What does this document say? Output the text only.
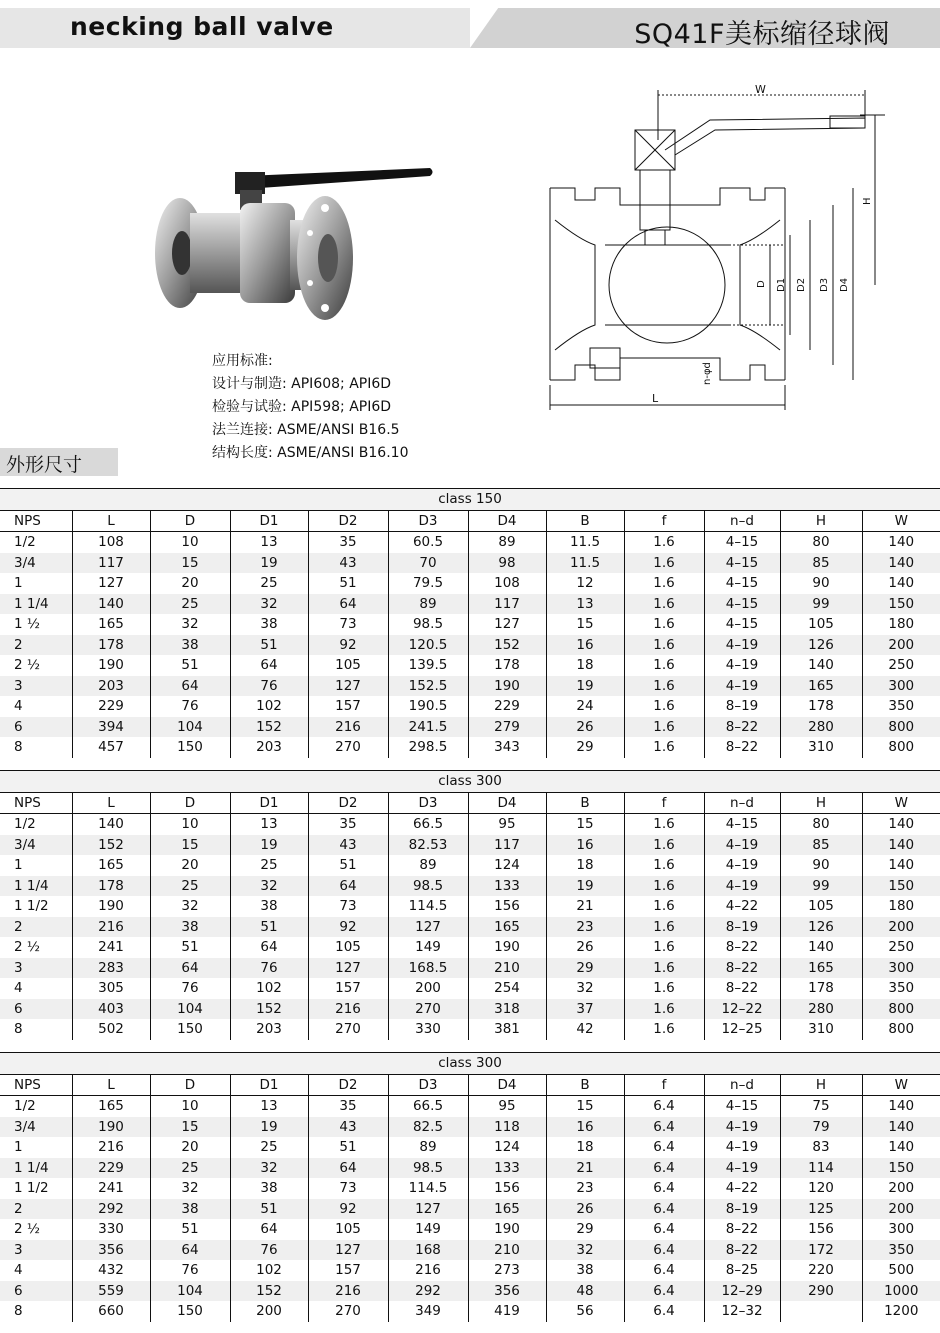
necking ball valve	SQ41F美标缩径球阀
W
D D1 D2 D3 D4
H
n-φd
L
应用标准:
设计与制造: API608; API6D
检验与试验: API598; API6D
法兰连接: ASME/ANSI B16.5
结构长度: ASME/ANSI B16.10
外形尺寸
class 150											
NPS	L	D	D1	D2	D3	D4	B	f	n–d	H	W
1/2	108	10	13	35	60.5	89	11.5	1.6	4–15	80	140
3/4	117	15	19	43	70	98	11.5	1.6	4–15	85	140
1	127	20	25	51	79.5	108	12	1.6	4–15	90	140
1 1/4	140	25	32	64	89	117	13	1.6	4–15	99	150
1 ½	165	32	38	73	98.5	127	15	1.6	4–15	105	180
2	178	38	51	92	120.5	152	16	1.6	4–19	126	200
2 ½	190	51	64	105	139.5	178	18	1.6	4–19	140	250
3	203	64	76	127	152.5	190	19	1.6	4–19	165	300
4	229	76	102	157	190.5	229	24	1.6	8–19	178	350
6	394	104	152	216	241.5	279	26	1.6	8–22	280	800
8	457	150	203	270	298.5	343	29	1.6	8–22	310	800
class 300											
NPS	L	D	D1	D2	D3	D4	B	f	n–d	H	W
1/2	140	10	13	35	66.5	95	15	1.6	4–15	80	140
3/4	152	15	19	43	82.53	117	16	1.6	4–19	85	140
1	165	20	25	51	89	124	18	1.6	4–19	90	140
1 1/4	178	25	32	64	98.5	133	19	1.6	4–19	99	150
1 1/2	190	32	38	73	114.5	156	21	1.6	4–22	105	180
2	216	38	51	92	127	165	23	1.6	8–19	126	200
2 ½	241	51	64	105	149	190	26	1.6	8–22	140	250
3	283	64	76	127	168.5	210	29	1.6	8–22	165	300
4	305	76	102	157	200	254	32	1.6	8–22	178	350
6	403	104	152	216	270	318	37	1.6	12–22	280	800
8	502	150	203	270	330	381	42	1.6	12–25	310	800
class 300											
NPS	L	D	D1	D2	D3	D4	B	f	n–d	H	W
1/2	165	10	13	35	66.5	95	15	6.4	4–15	75	140
3/4	190	15	19	43	82.5	118	16	6.4	4–19	79	140
1	216	20	25	51	89	124	18	6.4	4–19	83	140
1 1/4	229	25	32	64	98.5	133	21	6.4	4–19	114	150
1 1/2	241	32	38	73	114.5	156	23	6.4	4–22	120	200
2	292	38	51	92	127	165	26	6.4	8–19	125	200
2 ½	330	51	64	105	149	190	29	6.4	8–22	156	300
3	356	64	76	127	168	210	32	6.4	8–22	172	350
4	432	76	102	157	216	273	38	6.4	8–25	220	500
6	559	104	152	216	292	356	48	6.4	12–29	290	1000
8	660	150	200	270	349	419	56	6.4	12–32		1200
